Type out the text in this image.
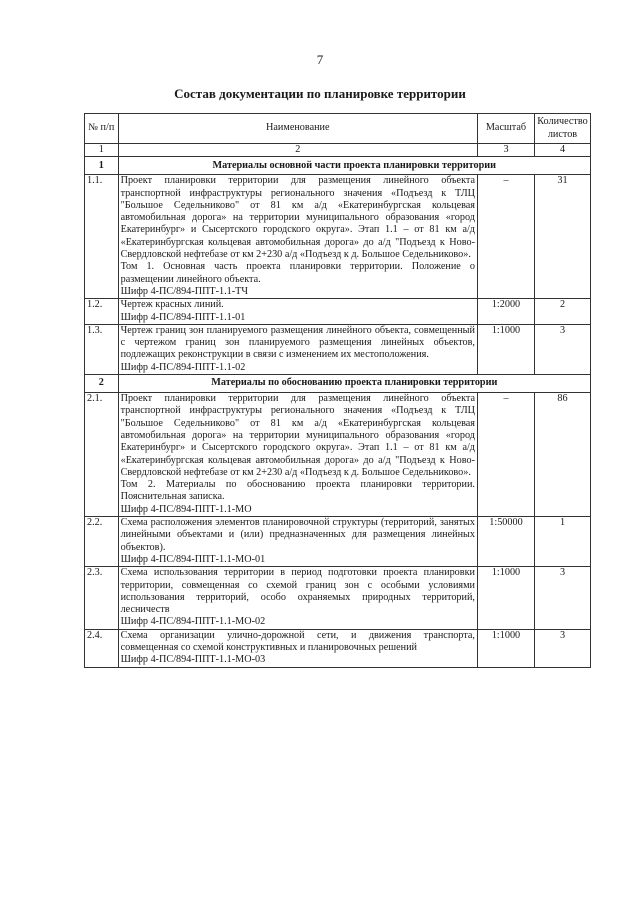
7
Состав документации по планировке территории
№ п/п	Наименование	Масштаб	Количество листов
1	2	3	4
1	Материалы основной части проекта планировки территории		
1.1.	Проект планировки территории для размещения линейного объекта транспортной инфраструктуры регионального значения «Подъезд к ТЛЦ "Большое Седельниково" от 81 км а/д «Екатеринбургская кольцевая автомобильная дорога» на территории муниципального образования «город Екатеринбург» и Сысертского городского округа». Этап 1.1 – от 81 км а/д «Екатеринбургская кольцевая автомобильная дорога» до а/д "Подъезд к Ново-Свердловской нефтебазе от км 2+230 а/д «Подъезд к д. Большое Седельниково».
Том 1. Основная часть проекта планировки территории. Положение о размещении линейного объекта.
Шифр 4-ПС/894-ППТ-1.1-ТЧ	–	31
1.2.	Чертеж красных линий.
Шифр 4-ПС/894-ППТ-1.1-01	1:2000	2
1.3.	Чертеж границ зон планируемого размещения линейного объекта, совмещенный с чертежом границ зон планируемого размещения линейных объектов, подлежащих реконструкции в связи с изменением их местоположения.
Шифр 4-ПС/894-ППТ-1.1-02	1:1000	3
2	Материалы по обоснованию проекта планировки территории		
2.1.	Проект планировки территории для размещения линейного объекта транспортной инфраструктуры регионального значения «Подъезд к ТЛЦ "Большое Седельниково" от 81 км а/д «Екатеринбургская кольцевая автомобильная дорога» на территории муниципального образования «город Екатеринбург» и Сысертского городского округа». Этап 1.1 – от 81 км а/д «Екатеринбургская кольцевая автомобильная дорога» до а/д "Подъезд к Ново-Свердловской нефтебазе от км 2+230 а/д «Подъезд к д. Большое Седельниково».
Том 2. Материалы по обоснованию проекта планировки территории. Пояснительная записка.
Шифр 4-ПС/894-ППТ-1.1-МО	–	86
2.2.	Схема расположения элементов планировочной структуры (территорий, занятых линейными объектами и (или) предназначенных для размещения линейных объектов).
Шифр 4-ПС/894-ППТ-1.1-МО-01	1:50000	1
2.3.	Схема использования территории в период подготовки проекта планировки территории, совмещенная со схемой границ зон с особыми условиями использования территорий, особо охраняемых природных территорий, лесничеств
Шифр 4-ПС/894-ППТ-1.1-МО-02	1:1000	3
2.4.	Схема организации улично-дорожной сети, и движения транспорта, совмещенная со схемой конструктивных и планировочных решений
Шифр 4-ПС/894-ППТ-1.1-МО-03	1:1000	3
